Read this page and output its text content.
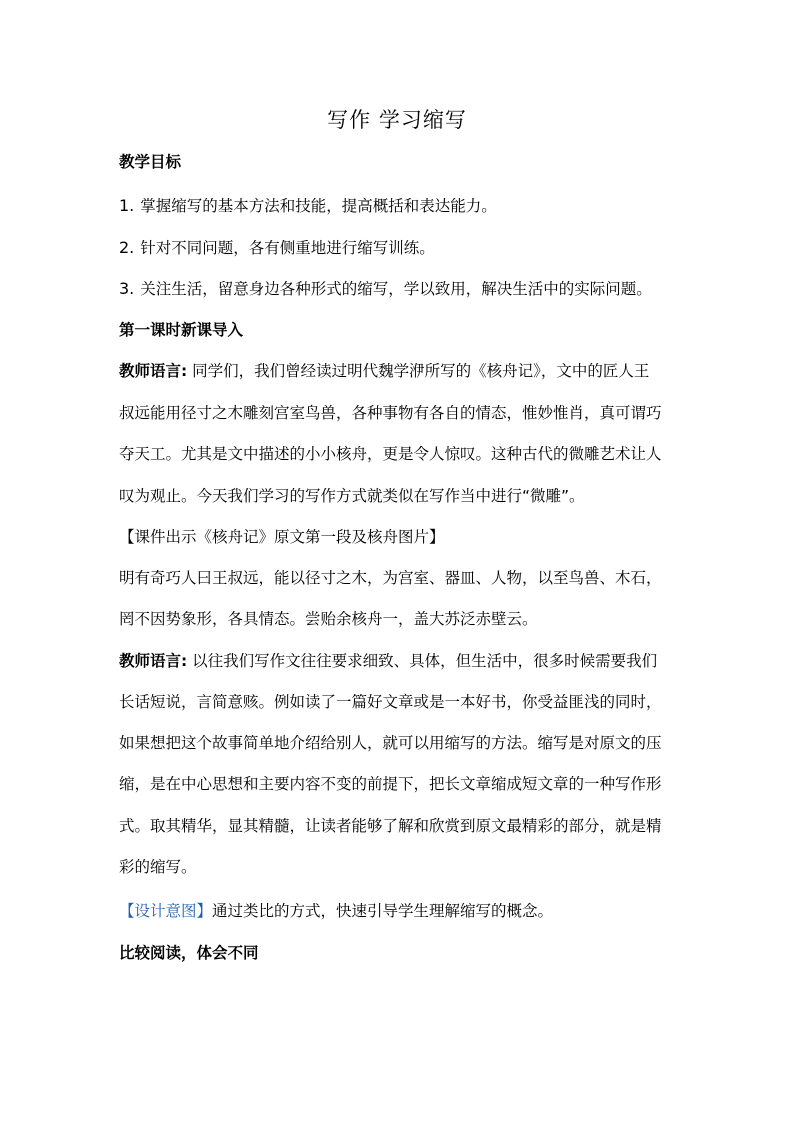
写作 学习缩写
教学目标
1. 掌握缩写的基本方法和技能，提高概括和表达能力。
2. 针对不同问题，各有侧重地进行缩写训练。
3. 关注生活，留意身边各种形式的缩写，学以致用，解决生活中的实际问题。
第一课时新课导入
教师语言: 同学们，我们曾经读过明代魏学洢所写的《核舟记》，文中的匠人王
叔远能用径寸之木雕刻宫室鸟兽，各种事物有各自的情态，惟妙惟肖，真可谓巧
夺天工。尤其是文中描述的小小核舟，更是令人惊叹。这种古代的微雕艺术让人
叹为观止。今天我们学习的写作方式就类似在写作当中进行“微雕”。
【课件出示《核舟记》原文第一段及核舟图片】
明有奇巧人曰王叔远，能以径寸之木，为宫室、器皿、人物，以至鸟兽、木石，
罔不因势象形，各具情态。尝贻余核舟一，盖大苏泛赤壁云。
教师语言: 以往我们写作文往往要求细致、具体，但生活中，很多时候需要我们
长话短说，言简意赅。例如读了一篇好文章或是一本好书，你受益匪浅的同时，
如果想把这个故事简单地介绍给别人，就可以用缩写的方法。缩写是对原文的压
缩，是在中心思想和主要内容不变的前提下，把长文章缩成短文章的一种写作形
式。取其精华，显其精髓，让读者能够了解和欣赏到原文最精彩的部分，就是精
彩的缩写。
【设计意图】通过类比的方式，快速引导学生理解缩写的概念。
比较阅读，体会不同
